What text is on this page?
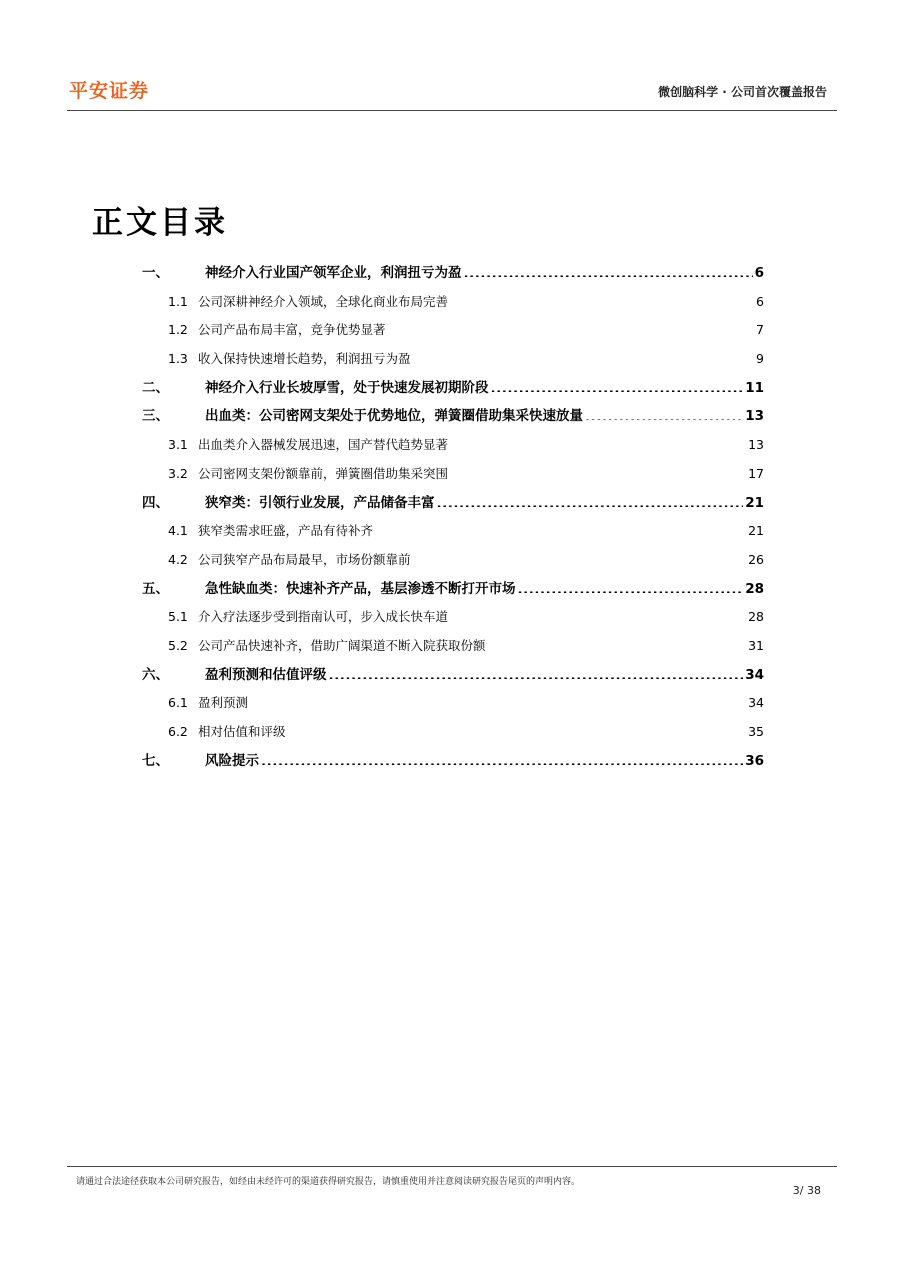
平安证券	微创脑科学 · 公司首次覆盖报告
正文目录
一、	神经介入行业国产领军企业，利润扭亏为盈 .....	6
1.1 公司深耕神经介入领域，全球化商业布局完善 .....	6
1.2 公司产品布局丰富，竞争优势显著 .....	7
1.3 收入保持快速增长趋势，利润扭亏为盈 .....	9
二、	神经介入行业长坡厚雪，处于快速发展初期阶段 .....	11
三、	出血类：公司密网支架处于优势地位，弹簧圈借助集采快速放量 .....	13
3.1 出血类介入器械发展迅速，国产替代趋势显著 .....	13
3.2 公司密网支架份额靠前，弹簧圈借助集采突围 .....	17
四、	狭窄类：引领行业发展，产品储备丰富 .....	21
4.1 狭窄类需求旺盛，产品有待补齐 .....	21
4.2 公司狭窄产品布局最早，市场份额靠前 .....	26
五、	急性缺血类：快速补齐产品，基层渗透不断打开市场 .....	28
5.1 介入疗法逐步受到指南认可，步入成长快车道 .....	28
5.2 公司产品快速补齐，借助广阔渠道不断入院获取份额 .....	31
六、	盈利预测和估值评级 .....	34
6.1 盈利预测 .....	34
6.2 相对估值和评级 .....	35
七、	风险提示 .....	36
请通过合法途径获取本公司研究报告，如经由未经许可的渠道获得研究报告，请慎重使用并注意阅读研究报告尾页的声明内容。
3/ 38
